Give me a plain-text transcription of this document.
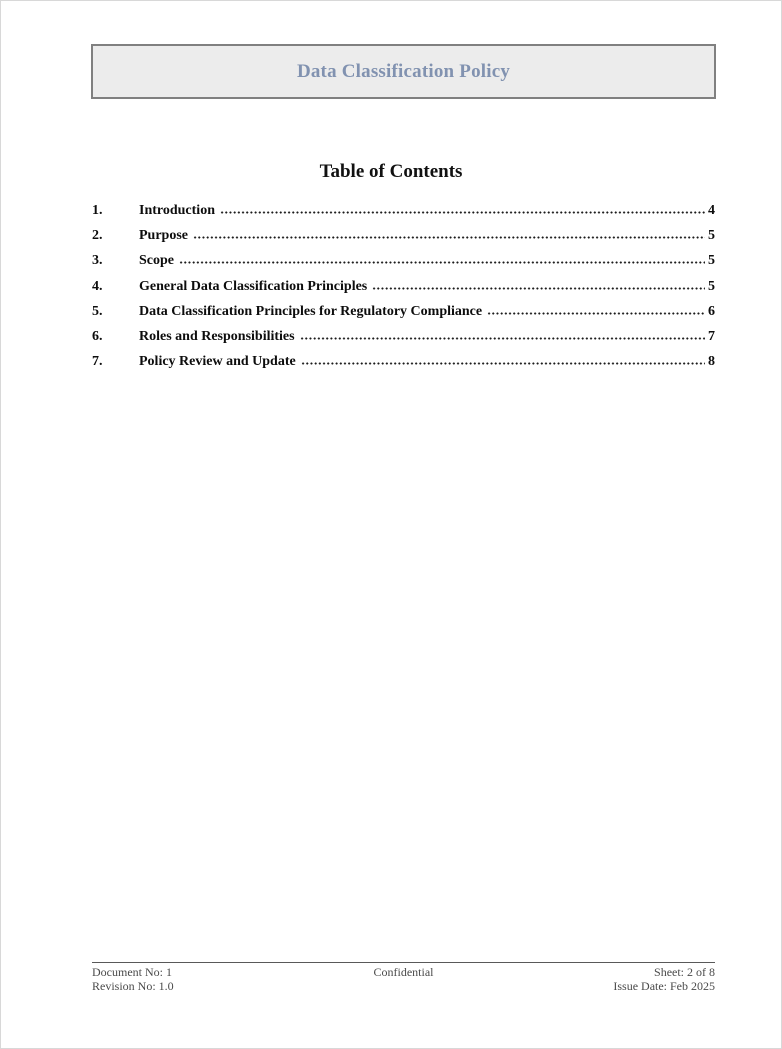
Data Classification Policy
Table of Contents
1.	Introduction	4
2.	Purpose	5
3.	Scope	5
4.	General Data Classification Principles	5
5.	Data Classification Principles for Regulatory Compliance	6
6.	Roles and Responsibilities	7
7.	Policy Review and Update	8
Document No: 1
Revision No: 1.0
Confidential	Sheet: 2 of 8
Issue Date: Feb 2025
